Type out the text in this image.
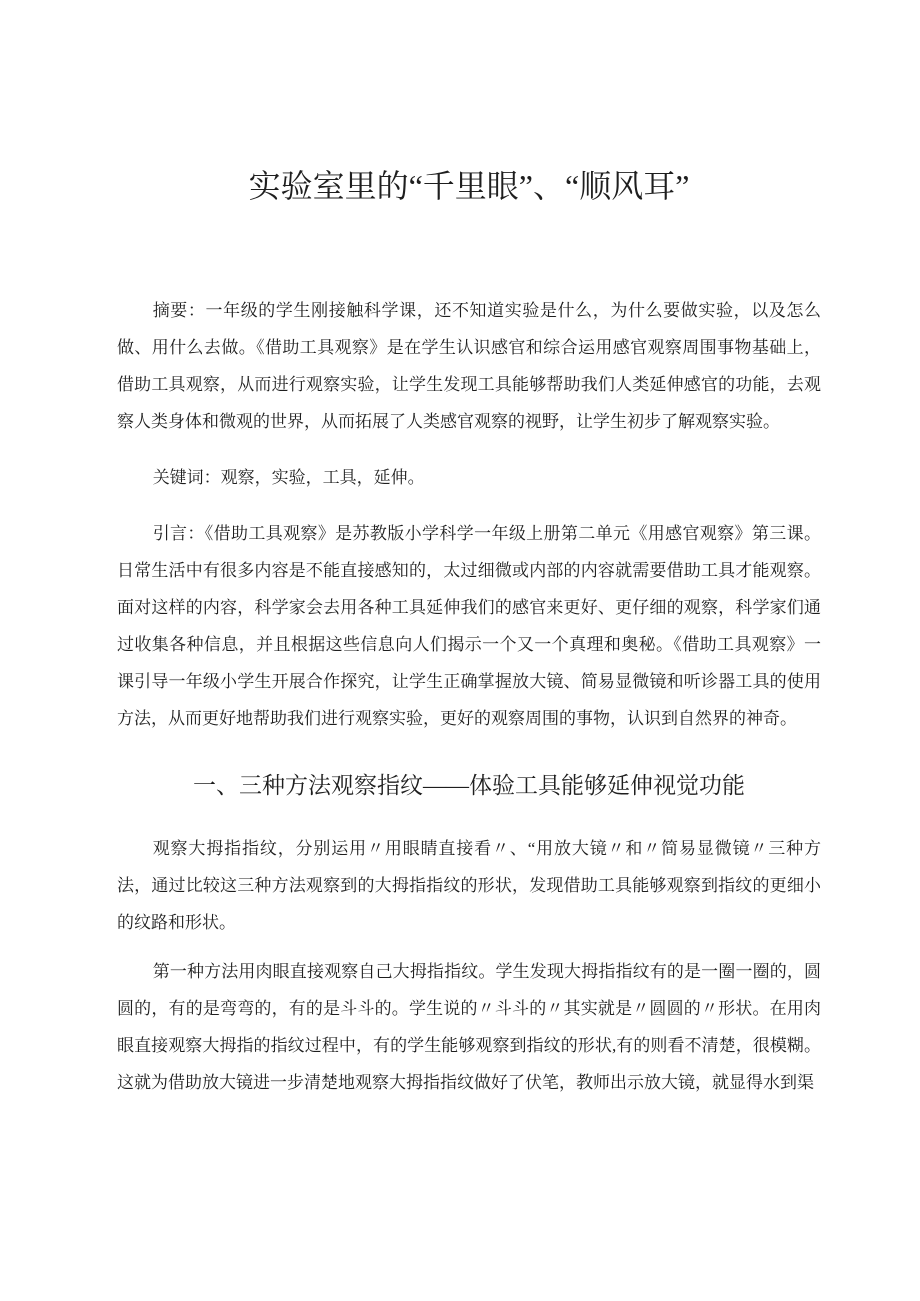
实验室里的“千里眼”、“顺风耳”

摘要：一年级的学生刚接触科学课，还不知道实验是什么，为什么要做实验，以及怎么做、用什么去做。《借助工具观察》是在学生认识感官和综合运用感官观察周围事物基础上，借助工具观察，从而进行观察实验，让学生发现工具能够帮助我们人类延伸感官的功能，去观察人类身体和微观的世界，从而拓展了人类感官观察的视野，让学生初步了解观察实验。

关键词：观察，实验，工具，延伸。

引言：《借助工具观察》是苏教版小学科学一年级上册第二单元《用感官观察》第三课。日常生活中有很多内容是不能直接感知的，太过细微或内部的内容就需要借助工具才能观察。面对这样的内容，科学家会去用各种工具延伸我们的感官来更好、更仔细的观察，科学家们通过收集各种信息，并且根据这些信息向人们揭示一个又一个真理和奥秘。《借助工具观察》一课引导一年级小学生开展合作探究，让学生正确掌握放大镜、简易显微镜和听诊器工具的使用方法，从而更好地帮助我们进行观察实验，更好的观察周围的事物，认识到自然界的神奇。

一、三种方法观察指纹——体验工具能够延伸视觉功能

观察大拇指指纹，分别运用〃用眼睛直接看〃、“用放大镜〃和〃简易显微镜〃三种方法，通过比较这三种方法观察到的大拇指指纹的形状，发现借助工具能够观察到指纹的更细小的纹路和形状。

第一种方法用肉眼直接观察自己大拇指指纹。学生发现大拇指指纹有的是一圈一圈的，圆圆的，有的是弯弯的，有的是斗斗的。学生说的〃斗斗的〃其实就是〃圆圆的〃形状。在用肉眼直接观察大拇指的指纹过程中，有的学生能够观察到指纹的形状,有的则看不清楚，很模糊。这就为借助放大镜进一步清楚地观察大拇指指纹做好了伏笔，教师出示放大镜，就显得水到渠
